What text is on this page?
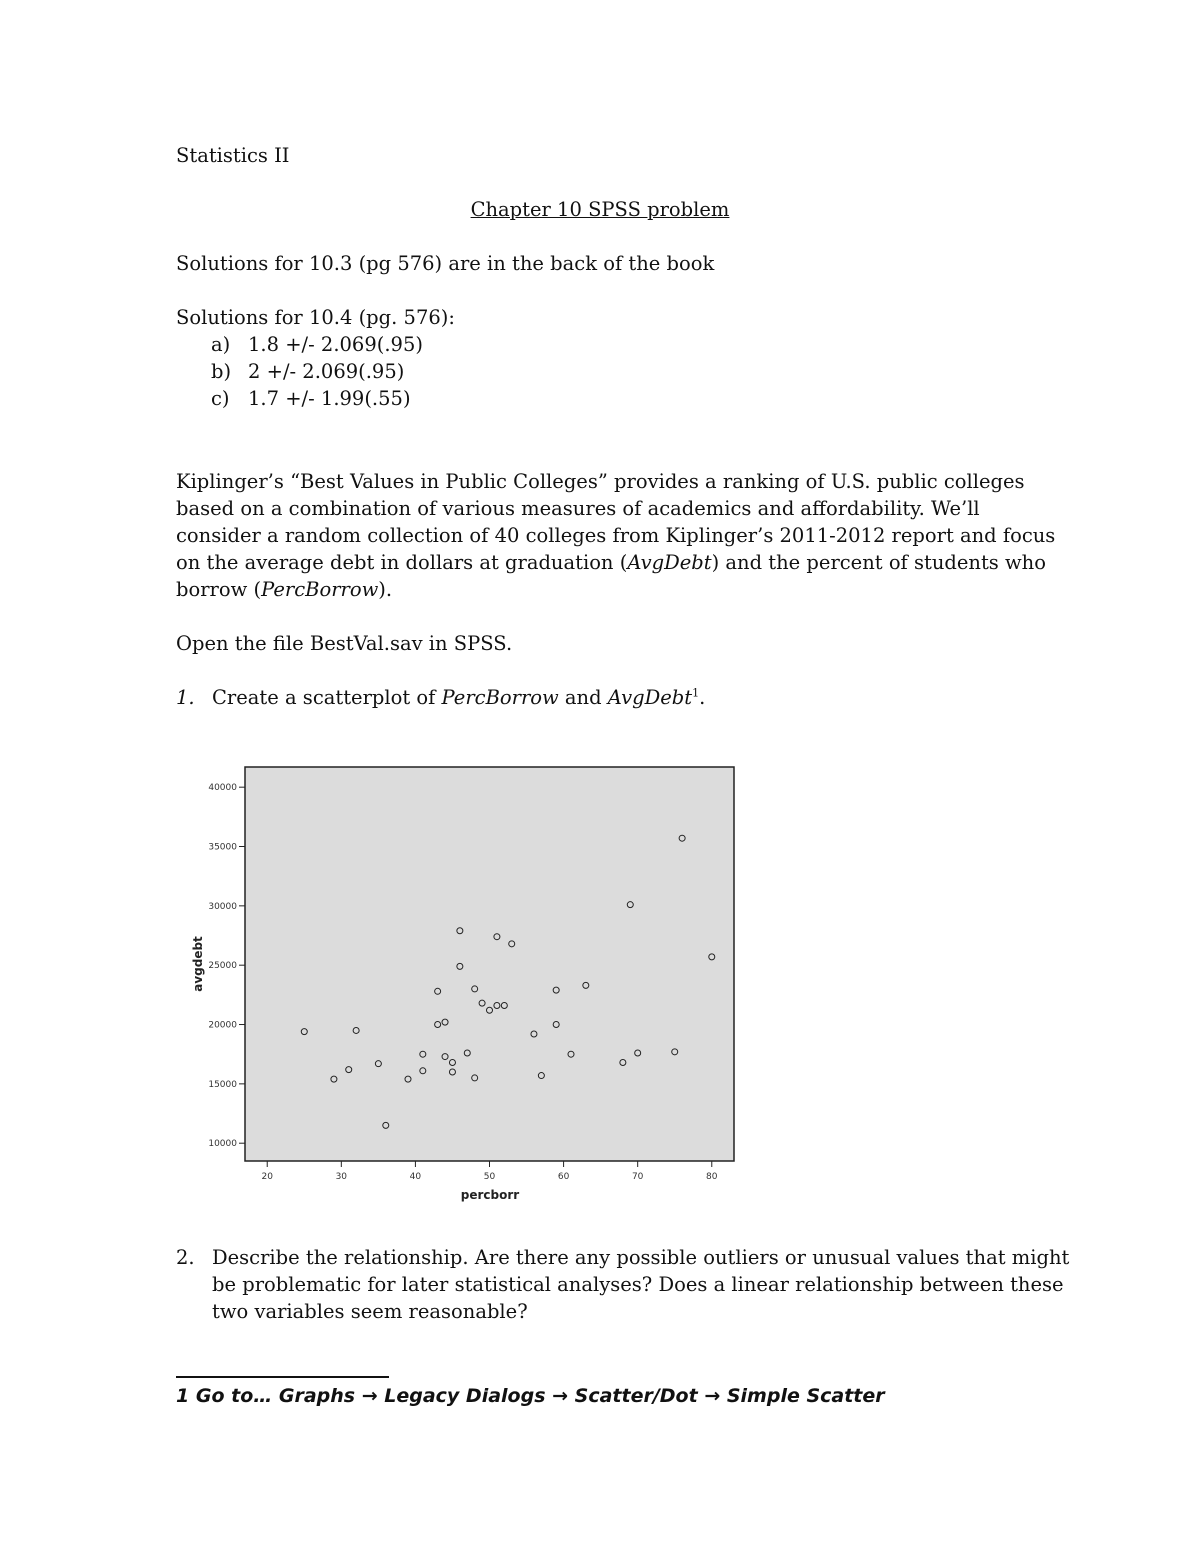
Statistics II
Chapter 10 SPSS problem
Solutions for 10.3 (pg 576) are in the back of the book
Solutions for 10.4 (pg. 576):
a) 1.8 +/- 2.069(.95)
b) 2 +/- 2.069(.95)
c) 1.7 +/- 1.99(.55)
Kiplinger’s “Best Values in Public Colleges” provides a ranking of U.S. public colleges
based on a combination of various measures of academics and affordability. We’ll
consider a random collection of 40 colleges from Kiplinger’s 2011-2012 report and focus
on the average debt in dollars at graduation (AvgDebt) and the percent of students who
borrow (PercBorrow).
Open the file BestVal.sav in SPSS.
1. Create a scatterplot of PercBorrow and AvgDebt$^1$.
10000
15000
20000
25000
30000
35000
40000
20	30	40	50	60	70	80
percborr
avgdebt
2. Describe the relationship. Are there any possible outliers or unusual values that might
be problematic for later statistical analyses? Does a linear relationship between these
two variables seem reasonable?
1 Go to… Graphs → Legacy Dialogs → Scatter/Dot → Simple Scatter
